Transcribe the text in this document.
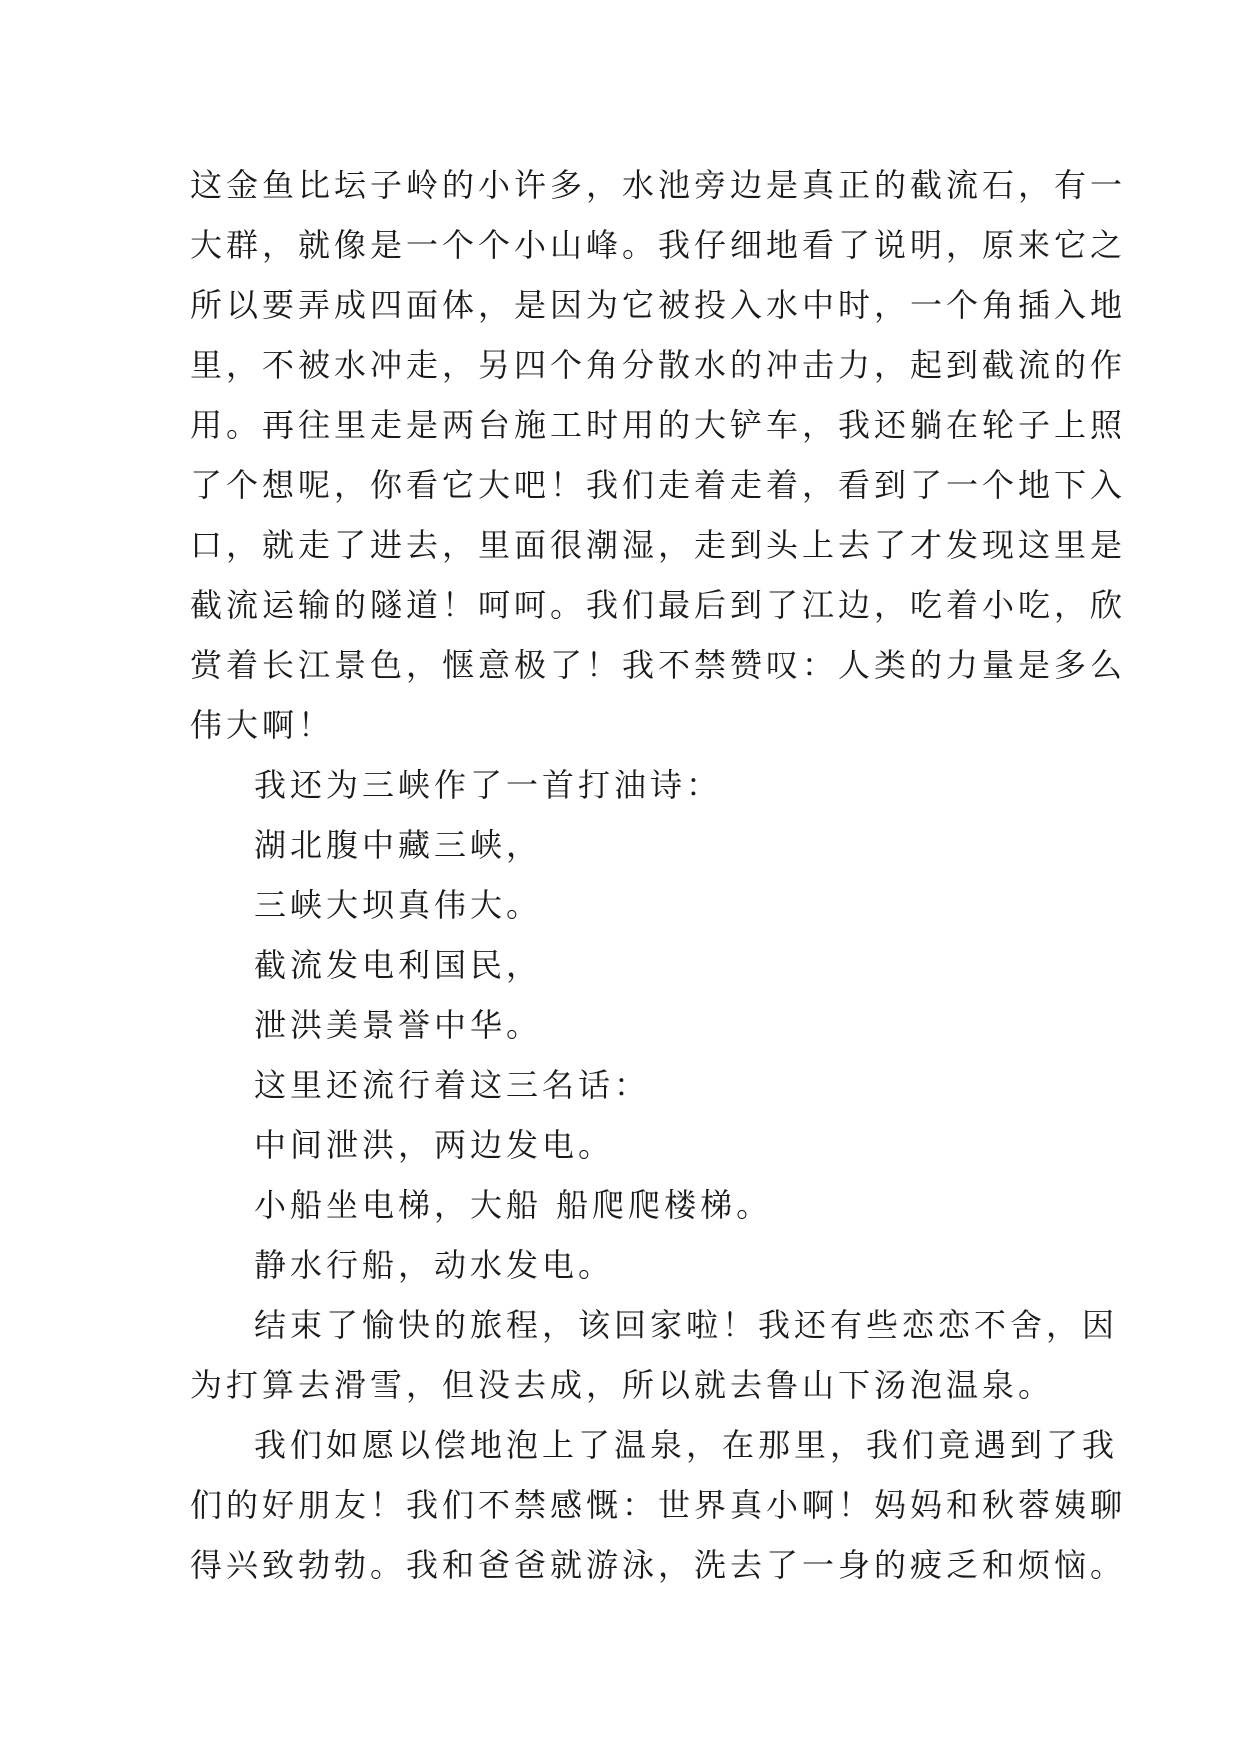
这金鱼比坛子岭的小许多，水池旁边是真正的截流石，有一
大群，就像是一个个小山峰。我仔细地看了说明，原来它之
所以要弄成四面体，是因为它被投入水中时，一个角插入地
里，不被水冲走，另四个角分散水的冲击力，起到截流的作
用。再往里走是两台施工时用的大铲车，我还躺在轮子上照
了个想呢，你看它大吧！我们走着走着，看到了一个地下入
口，就走了进去，里面很潮湿，走到头上去了才发现这里是
截流运输的隧道！呵呵。我们最后到了江边，吃着小吃，欣
赏着长江景色，惬意极了！我不禁赞叹：人类的力量是多么
伟大啊！
我还为三峡作了一首打油诗：
湖北腹中藏三峡，
三峡大坝真伟大。
截流发电利国民，
泄洪美景誉中华。
这里还流行着这三名话：
中间泄洪，两边发电。
小船坐电梯，大船 船爬爬楼梯。
静水行船，动水发电。
结束了愉快的旅程，该回家啦！我还有些恋恋不舍，因
为打算去滑雪，但没去成，所以就去鲁山下汤泡温泉。
我们如愿以偿地泡上了温泉，在那里，我们竟遇到了我
们的好朋友！我们不禁感慨：世界真小啊！妈妈和秋蓉姨聊
得兴致勃勃。我和爸爸就游泳，洗去了一身的疲乏和烦恼。
